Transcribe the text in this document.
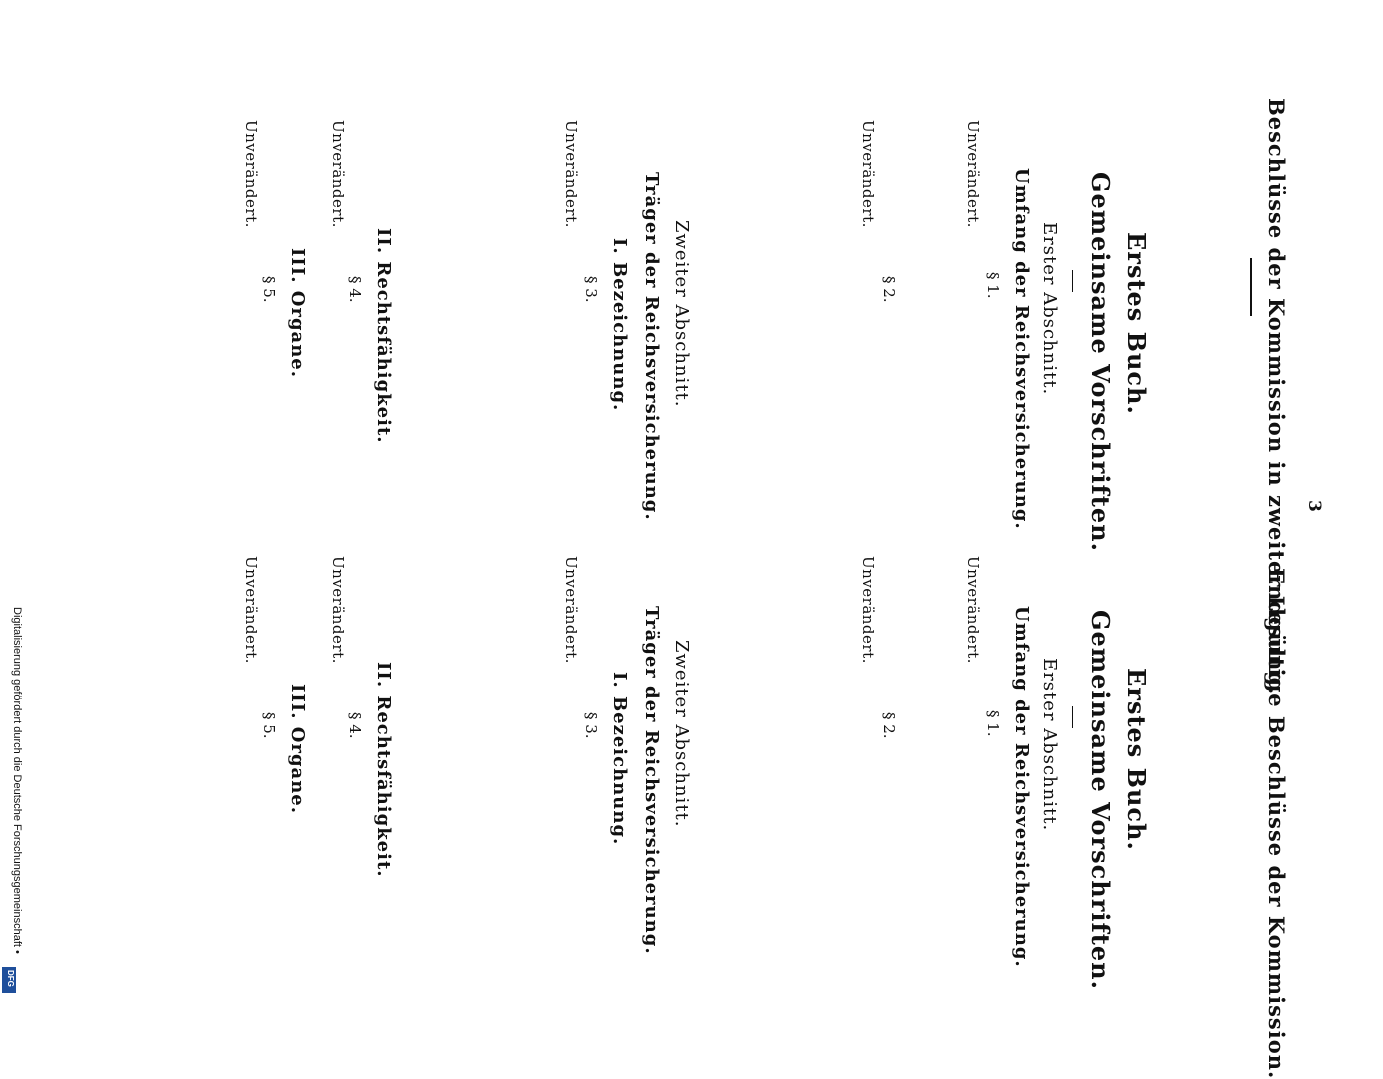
3
Beschlüsse der Kommission in zweiter Lesung.
Erstes Buch.
Gemeinsame Vorschriften.
Erster Abschnitt.
Umfang der Reichsversicherung.
Unverändert.
§ 1.
Unverändert.
§ 2.
Zweiter Abschnitt.
Träger der Reichsversicherung.
I. Bezeichnung.
Unverändert.
§ 3.
II. Rechtsfähigkeit.
Unverändert.
§ 4.
III. Organe.
Unverändert.
§ 5.
Endgültige Beschlüsse der Kommission.
Erstes Buch.
Gemeinsame Vorschriften.
Erster Abschnitt.
Umfang der Reichsversicherung.
Unverändert.
§ 1.
Unverändert.
§ 2.
Zweiter Abschnitt.
Träger der Reichsversicherung.
I. Bezeichnung.
Unverändert.
§ 3.
II. Rechtsfähigkeit.
Unverändert.
§ 4.
III. Organe.
Unverändert.
§ 5.
Digitalisierung gefördert durch die Deutsche Forschungsgemeinschaft •
DFG
